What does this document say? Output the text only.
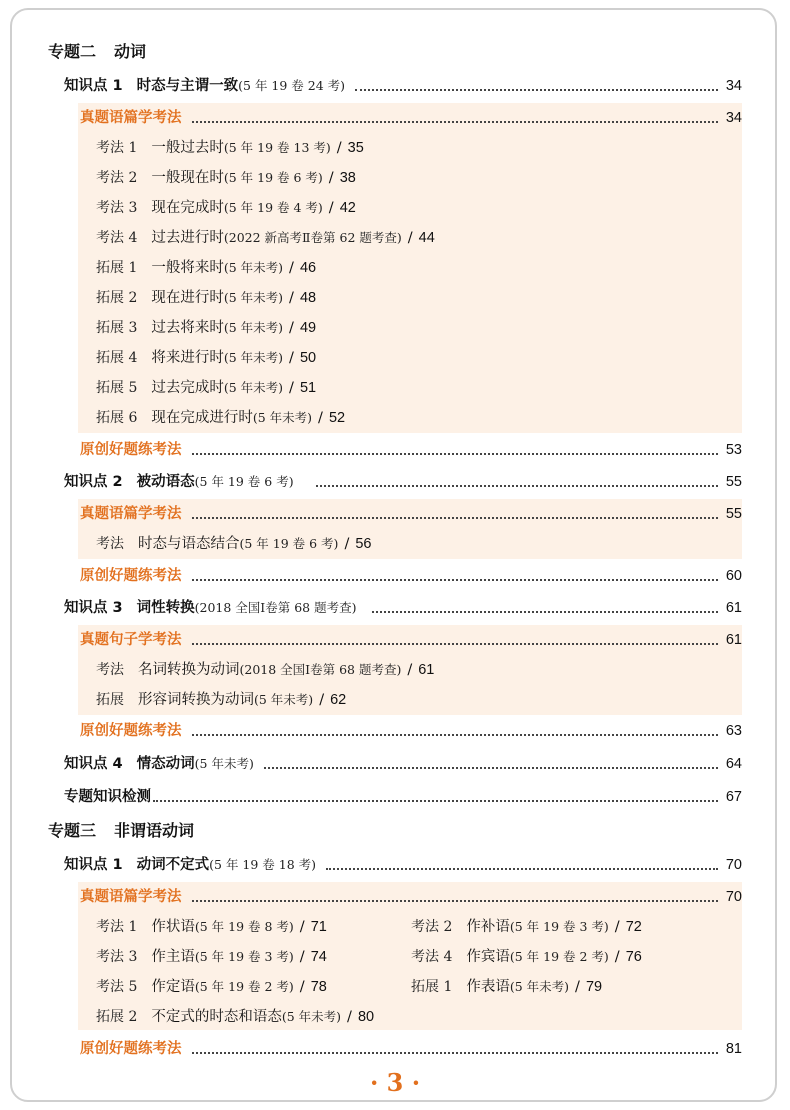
专题二 动词
知识点 1 时态与主谓一致 (5 年 19 卷 24 考)	34
真题语篇学考法	34
考法 1 一般过去时 (5 年 19 卷 13 考) / 35
考法 2 一般现在时 (5 年 19 卷 6 考) / 38
考法 3 现在完成时 (5 年 19 卷 4 考) / 42
考法 4 过去进行时 (2022 新高考Ⅱ卷第 62 题考查) / 44
拓展 1 一般将来时 (5 年未考) / 46
拓展 2 现在进行时 (5 年未考) / 48
拓展 3 过去将来时 (5 年未考) / 49
拓展 4 将来进行时 (5 年未考) / 50
拓展 5 过去完成时 (5 年未考) / 51
拓展 6 现在完成进行时 (5 年未考) / 52
原创好题练考法	53
知识点 2 被动语态 (5 年 19 卷 6 考)	55
真题语篇学考法	55
考法 时态与语态结合 (5 年 19 卷 6 考) / 56
原创好题练考法	60
知识点 3 词性转换 (2018 全国Ⅰ卷第 68 题考查)	61
真题句子学考法	61
考法 名词转换为动词 (2018 全国Ⅰ卷第 68 题考查) / 61
拓展 形容词转换为动词 (5 年未考) / 62
原创好题练考法	63
知识点 4 情态动词 (5 年未考)	64
专题知识检测	67
专题三 非谓语动词
知识点 1 动词不定式 (5 年 19 卷 18 考)	70
真题语篇学考法	70
考法 1 作状语 (5 年 19 卷 8 考) / 71	考法 2 作补语 (5 年 19 卷 3 考) / 72
考法 3 作主语 (5 年 19 卷 3 考) / 74	考法 4 作宾语 (5 年 19 卷 2 考) / 76
考法 5 作定语 (5 年 19 卷 2 考) / 78	拓展 1 作表语 (5 年未考) / 79
拓展 2 不定式的时态和语态 (5 年未考) / 80
原创好题练考法	81
· 3 ·
